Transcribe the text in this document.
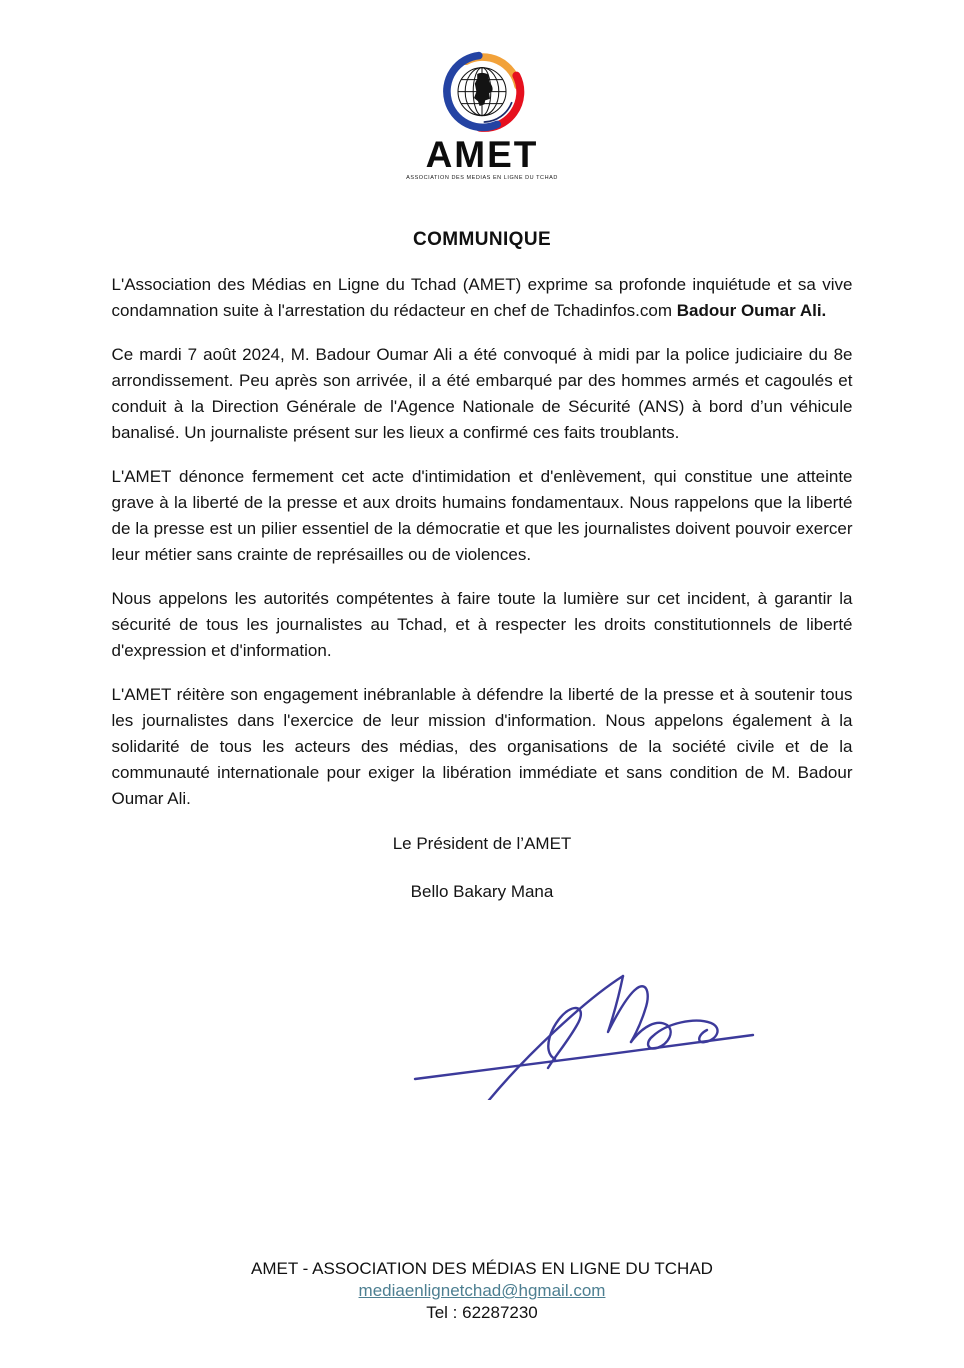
AMET
ASSOCIATION DES MEDIAS EN LIGNE DU TCHAD
COMMUNIQUE

L'Association des Médias en Ligne du Tchad (AMET) exprime sa profonde inquiétude et sa vive condamnation suite à l'arrestation du rédacteur en chef de Tchadinfos.com Badour Oumar Ali.

Ce mardi 7 août 2024, M. Badour Oumar Ali a été convoqué à midi par la police judiciaire du 8e arrondissement. Peu après son arrivée, il a été embarqué par des hommes armés et cagoulés et conduit à la Direction Générale de l'Agence Nationale de Sécurité (ANS) à bord d’un véhicule banalisé. Un journaliste présent sur les lieux a confirmé ces faits troublants.

L'AMET dénonce fermement cet acte d'intimidation et d'enlèvement, qui constitue une atteinte grave à la liberté de la presse et aux droits humains fondamentaux. Nous rappelons que la liberté de la presse est un pilier essentiel de la démocratie et que les journalistes doivent pouvoir exercer leur métier sans crainte de représailles ou de violences.

Nous appelons les autorités compétentes à faire toute la lumière sur cet incident, à garantir la sécurité de tous les journalistes au Tchad, et à respecter les droits constitutionnels de liberté d'expression et d'information.

L'AMET réitère son engagement inébranlable à défendre la liberté de la presse et à soutenir tous les journalistes dans l'exercice de leur mission d'information. Nous appelons également à la solidarité de tous les acteurs des médias, des organisations de la société civile et de la communauté internationale pour exiger la libération immédiate et sans condition de M. Badour Oumar Ali.

Le Président de l’AMET
Bello Bakary Mana
AMET - ASSOCIATION DES MÉDIAS EN LIGNE DU TCHAD
mediaenlignetchad@hgmail.com
Tel : 62287230
